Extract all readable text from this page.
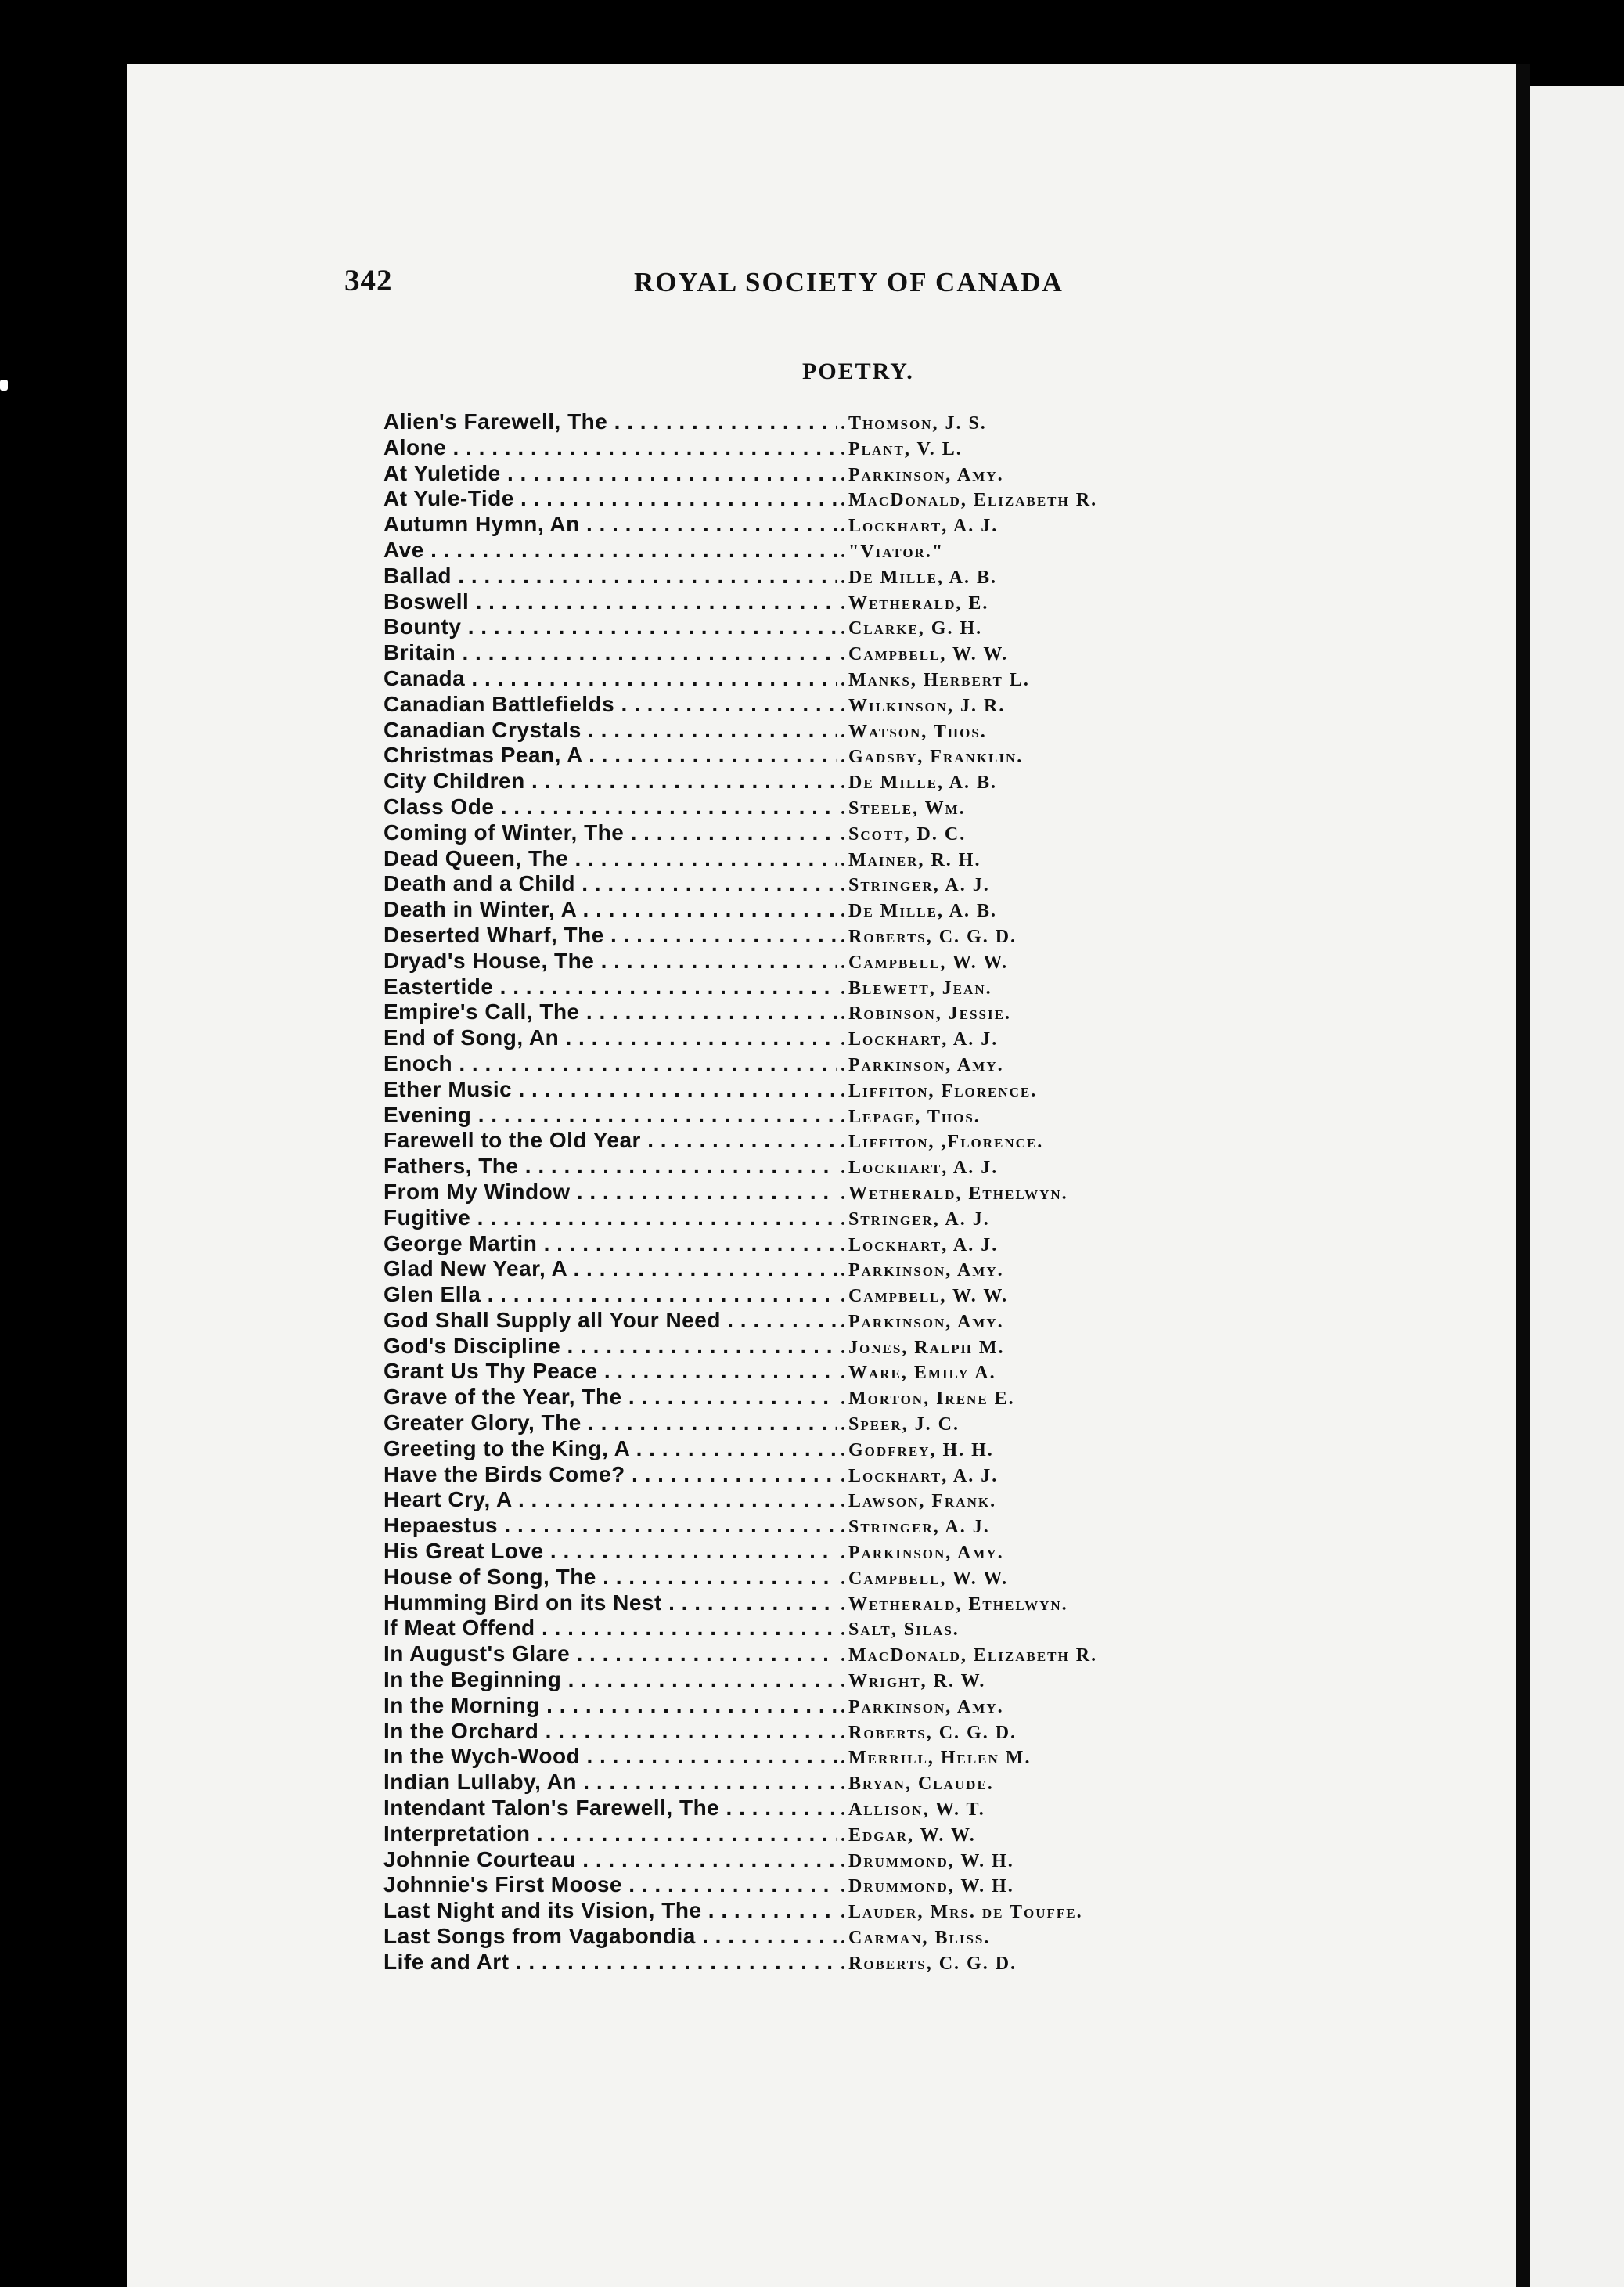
342	ROYAL SOCIETY OF CANADA
POETRY.
Alien's Farewell, The . . .	. Thomson, J. S.
Alone . . .	. Plant, V. L.
At Yuletide . . .	. Parkinson, Amy.
At Yule-Tide . . .	. MacDonald, Elizabeth R.
Autumn Hymn, An . . .	. Lockhart, A. J.
Ave . . .	. "Viator."
Ballad . . .	. De Mille, A. B.
Boswell . . .	. Wetherald, E.
Bounty . . .	. Clarke, G. H.
Britain . . .	. Campbell, W. W.
Canada . . .	. Manks, Herbert L.
Canadian Battlefields . . .	. Wilkinson, J. R.
Canadian Crystals . . .	. Watson, Thos.
Christmas Pean, A . . .	. Gadsby, Franklin.
City Children . . .	. De Mille, A. B.
Class Ode . . .	. Steele, Wm.
Coming of Winter, The . . .	. Scott, D. C.
Dead Queen, The . . .	. Mainer, R. H.
Death and a Child . . .	. Stringer, A. J.
Death in Winter, A . . .	. De Mille, A. B.
Deserted Wharf, The . . .	. Roberts, C. G. D.
Dryad's House, The . . .	. Campbell, W. W.
Eastertide . . .	. Blewett, Jean.
Empire's Call, The . . .	. Robinson, Jessie.
End of Song, An . . .	. Lockhart, A. J.
Enoch . . .	. Parkinson, Amy.
Ether Music . . .	. Liffiton, Florence.
Evening . . .	. Lepage, Thos.
Farewell to the Old Year . . .	. Liffiton, ,Florence.
Fathers, The . . .	. Lockhart, A. J.
From My Window . . .	. Wetherald, Ethelwyn.
Fugitive . . .	. Stringer, A. J.
George Martin . . .	. Lockhart, A. J.
Glad New Year, A . . .	. Parkinson, Amy.
Glen Ella . . .	. Campbell, W. W.
God Shall Supply all Your Need . . .	. Parkinson, Amy.
God's Discipline . . .	. Jones, Ralph M.
Grant Us Thy Peace . . .	. Ware, Emily A.
Grave of the Year, The . . .	. Morton, Irene E.
Greater Glory, The . . .	. Speer, J. C.
Greeting to the King, A . . .	. Godfrey, H. H.
Have the Birds Come? . . .	. Lockhart, A. J.
Heart Cry, A . . .	. Lawson, Frank.
Hepaestus . . .	. Stringer, A. J.
His Great Love . . .	. Parkinson, Amy.
House of Song, The . . .	. Campbell, W. W.
Humming Bird on its Nest . . .	. Wetherald, Ethelwyn.
If Meat Offend . . .	. Salt, Silas.
In August's Glare . . .	. MacDonald, Elizabeth R.
In the Beginning . . .	. Wright, R. W.
In the Morning . . .	. Parkinson, Amy.
In the Orchard . . .	. Roberts, C. G. D.
In the Wych-Wood . . .	. Merrill, Helen M.
Indian Lullaby, An . . .	. Bryan, Claude.
Intendant Talon's Farewell, The . . .	. Allison, W. T.
Interpretation . . .	. Edgar, W. W.
Johnnie Courteau . . .	. Drummond, W. H.
Johnnie's First Moose . . .	. Drummond, W. H.
Last Night and its Vision, The . . .	. Lauder, Mrs. de Touffe.
Last Songs from Vagabondia . . .	. Carman, Bliss.
Life and Art . . .	. Roberts, C. G. D.
